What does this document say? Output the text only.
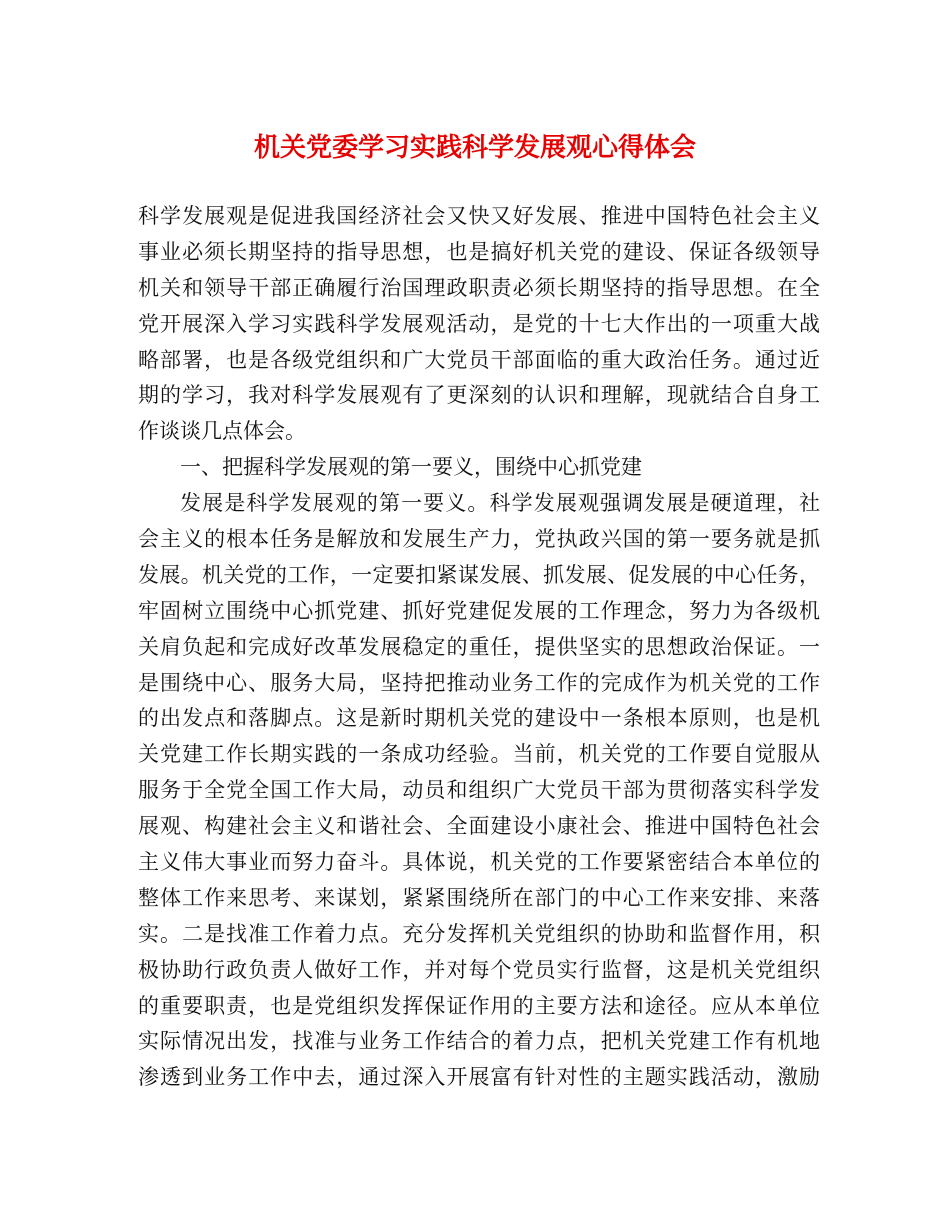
机关党委学习实践科学发展观心得体会
科学发展观是促进我国经济社会又快又好发展、推进中国特色社会主义
事业必须长期坚持的指导思想，也是搞好机关党的建设、保证各级领导
机关和领导干部正确履行治国理政职责必须长期坚持的指导思想。在全
党开展深入学习实践科学发展观活动，是党的十七大作出的一项重大战
略部署，也是各级党组织和广大党员干部面临的重大政治任务。通过近
期的学习，我对科学发展观有了更深刻的认识和理解，现就结合自身工
作谈谈几点体会。
一、把握科学发展观的第一要义，围绕中心抓党建
发展是科学发展观的第一要义。科学发展观强调发展是硬道理，社
会主义的根本任务是解放和发展生产力，党执政兴国的第一要务就是抓
发展。机关党的工作，一定要扣紧谋发展、抓发展、促发展的中心任务，
牢固树立围绕中心抓党建、抓好党建促发展的工作理念，努力为各级机
关肩负起和完成好改革发展稳定的重任，提供坚实的思想政治保证。一
是围绕中心、服务大局，坚持把推动业务工作的完成作为机关党的工作
的出发点和落脚点。这是新时期机关党的建设中一条根本原则，也是机
关党建工作长期实践的一条成功经验。当前，机关党的工作要自觉服从
服务于全党全国工作大局，动员和组织广大党员干部为贯彻落实科学发
展观、构建社会主义和谐社会、全面建设小康社会、推进中国特色社会
主义伟大事业而努力奋斗。具体说，机关党的工作要紧密结合本单位的
整体工作来思考、来谋划，紧紧围绕所在部门的中心工作来安排、来落
实。二是找准工作着力点。充分发挥机关党组织的协助和监督作用，积
极协助行政负责人做好工作，并对每个党员实行监督，这是机关党组织
的重要职责，也是党组织发挥保证作用的主要方法和途径。应从本单位
实际情况出发，找准与业务工作结合的着力点，把机关党建工作有机地
渗透到业务工作中去，通过深入开展富有针对性的主题实践活动，激励
